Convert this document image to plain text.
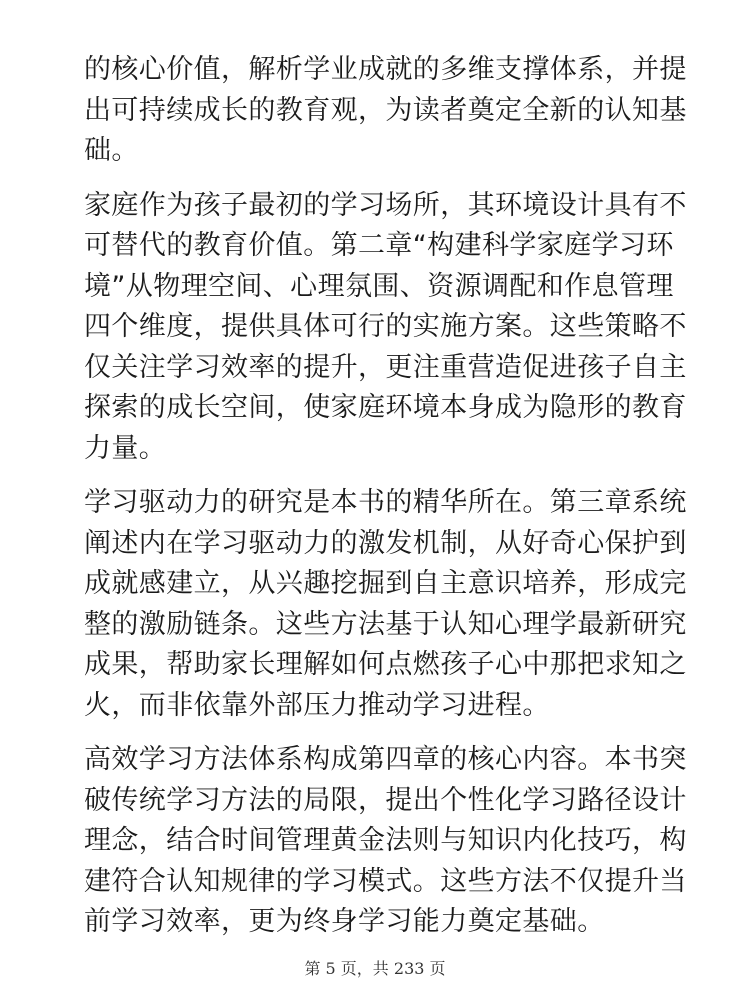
的核心价值，解析学业成就的多维支撑体系，并提
出可持续成长的教育观，为读者奠定全新的认知基
础。

家庭作为孩子最初的学习场所，其环境设计具有不
可替代的教育价值。第二章“构建科学家庭学习环
境”从物理空间、心理氛围、资源调配和作息管理
四个维度，提供具体可行的实施方案。这些策略不
仅关注学习效率的提升，更注重营造促进孩子自主
探索的成长空间，使家庭环境本身成为隐形的教育
力量。

学习驱动力的研究是本书的精华所在。第三章系统
阐述内在学习驱动力的激发机制，从好奇心保护到
成就感建立，从兴趣挖掘到自主意识培养，形成完
整的激励链条。这些方法基于认知心理学最新研究
成果，帮助家长理解如何点燃孩子心中那把求知之
火，而非依靠外部压力推动学习进程。

高效学习方法体系构成第四章的核心内容。本书突
破传统学习方法的局限，提出个性化学习路径设计
理念，结合时间管理黄金法则与知识内化技巧，构
建符合认知规律的学习模式。这些方法不仅提升当
前学习效率，更为终身学习能力奠定基础。

第 5 页，共 233 页
